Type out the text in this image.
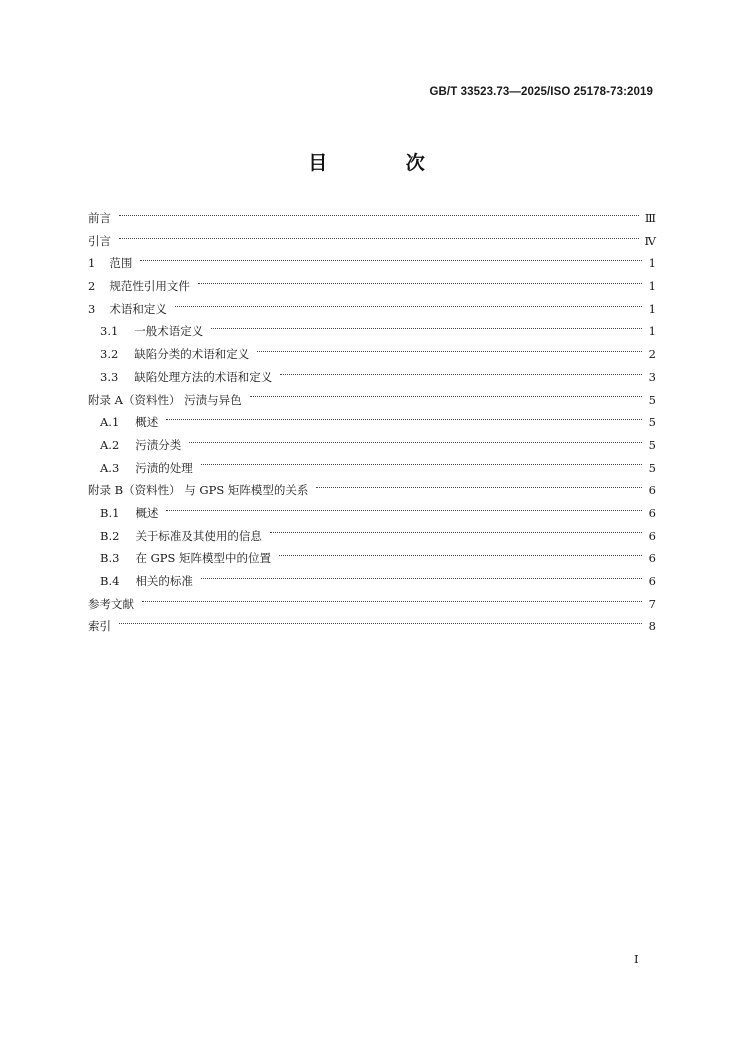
GB/T 33523.73—2025/ISO 25178-73:2019
目 次
前言	Ⅲ
引言	Ⅳ
1 范围	1
2 规范性引用文件	1
3 术语和定义	1
3.1 一般术语定义	1
3.2 缺陷分类的术语和定义	2
3.3 缺陷处理方法的术语和定义	3
附录 A（资料性） 污渍与异色	5
A.1 概述	5
A.2 污渍分类	5
A.3 污渍的处理	5
附录 B（资料性） 与 GPS 矩阵模型的关系	6
B.1 概述	6
B.2 关于标准及其使用的信息	6
B.3 在 GPS 矩阵模型中的位置	6
B.4 相关的标准	6
参考文献	7
索引	8
I
